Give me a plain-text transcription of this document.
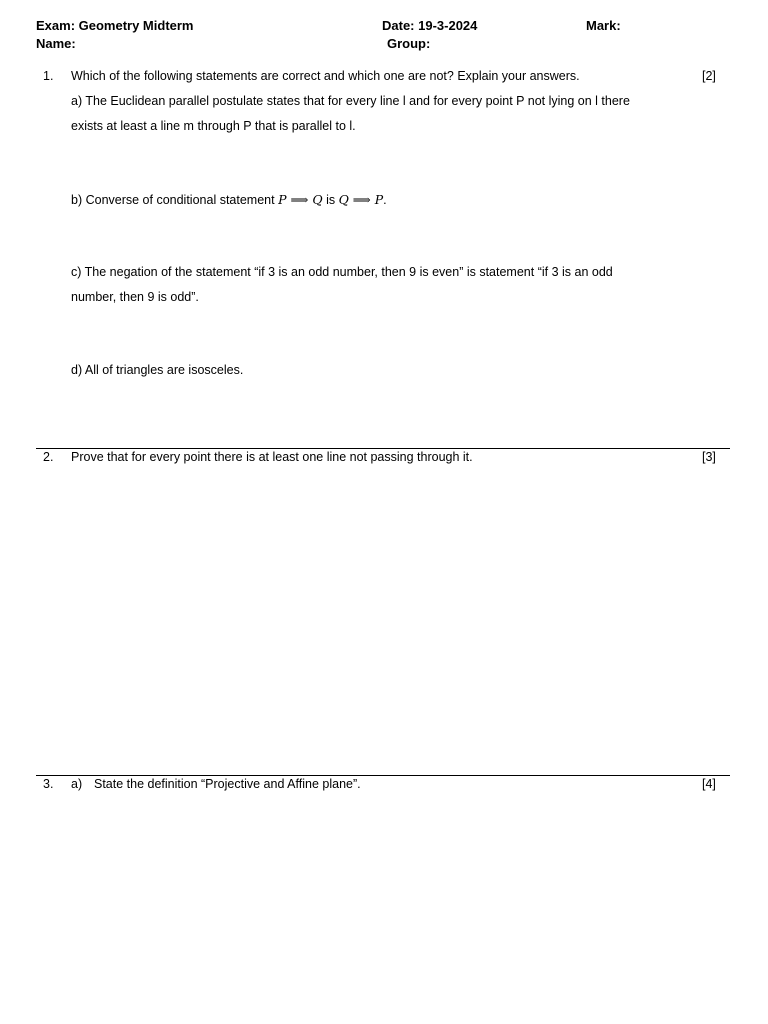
Exam: Geometry Midterm	Date: 19-3-2024	Mark:
Name:	Group:
1. Which of the following statements are correct and which one are not? Explain your answers.	[2]
a) The Euclidean parallel postulate states that for every line l and for every point P not lying on l there
exists at least a line m through P that is parallel to l.
b) Converse of conditional statement P ⟹ Q is Q ⟹ P.
c) The negation of the statement “if 3 is an odd number, then 9 is even” is statement “if 3 is an odd
number, then 9 is odd”.
d) All of triangles are isosceles.
2. Prove that for every point there is at least one line not passing through it.	[3]
3. a) State the definition “Projective and Affine plane”.	[4]
